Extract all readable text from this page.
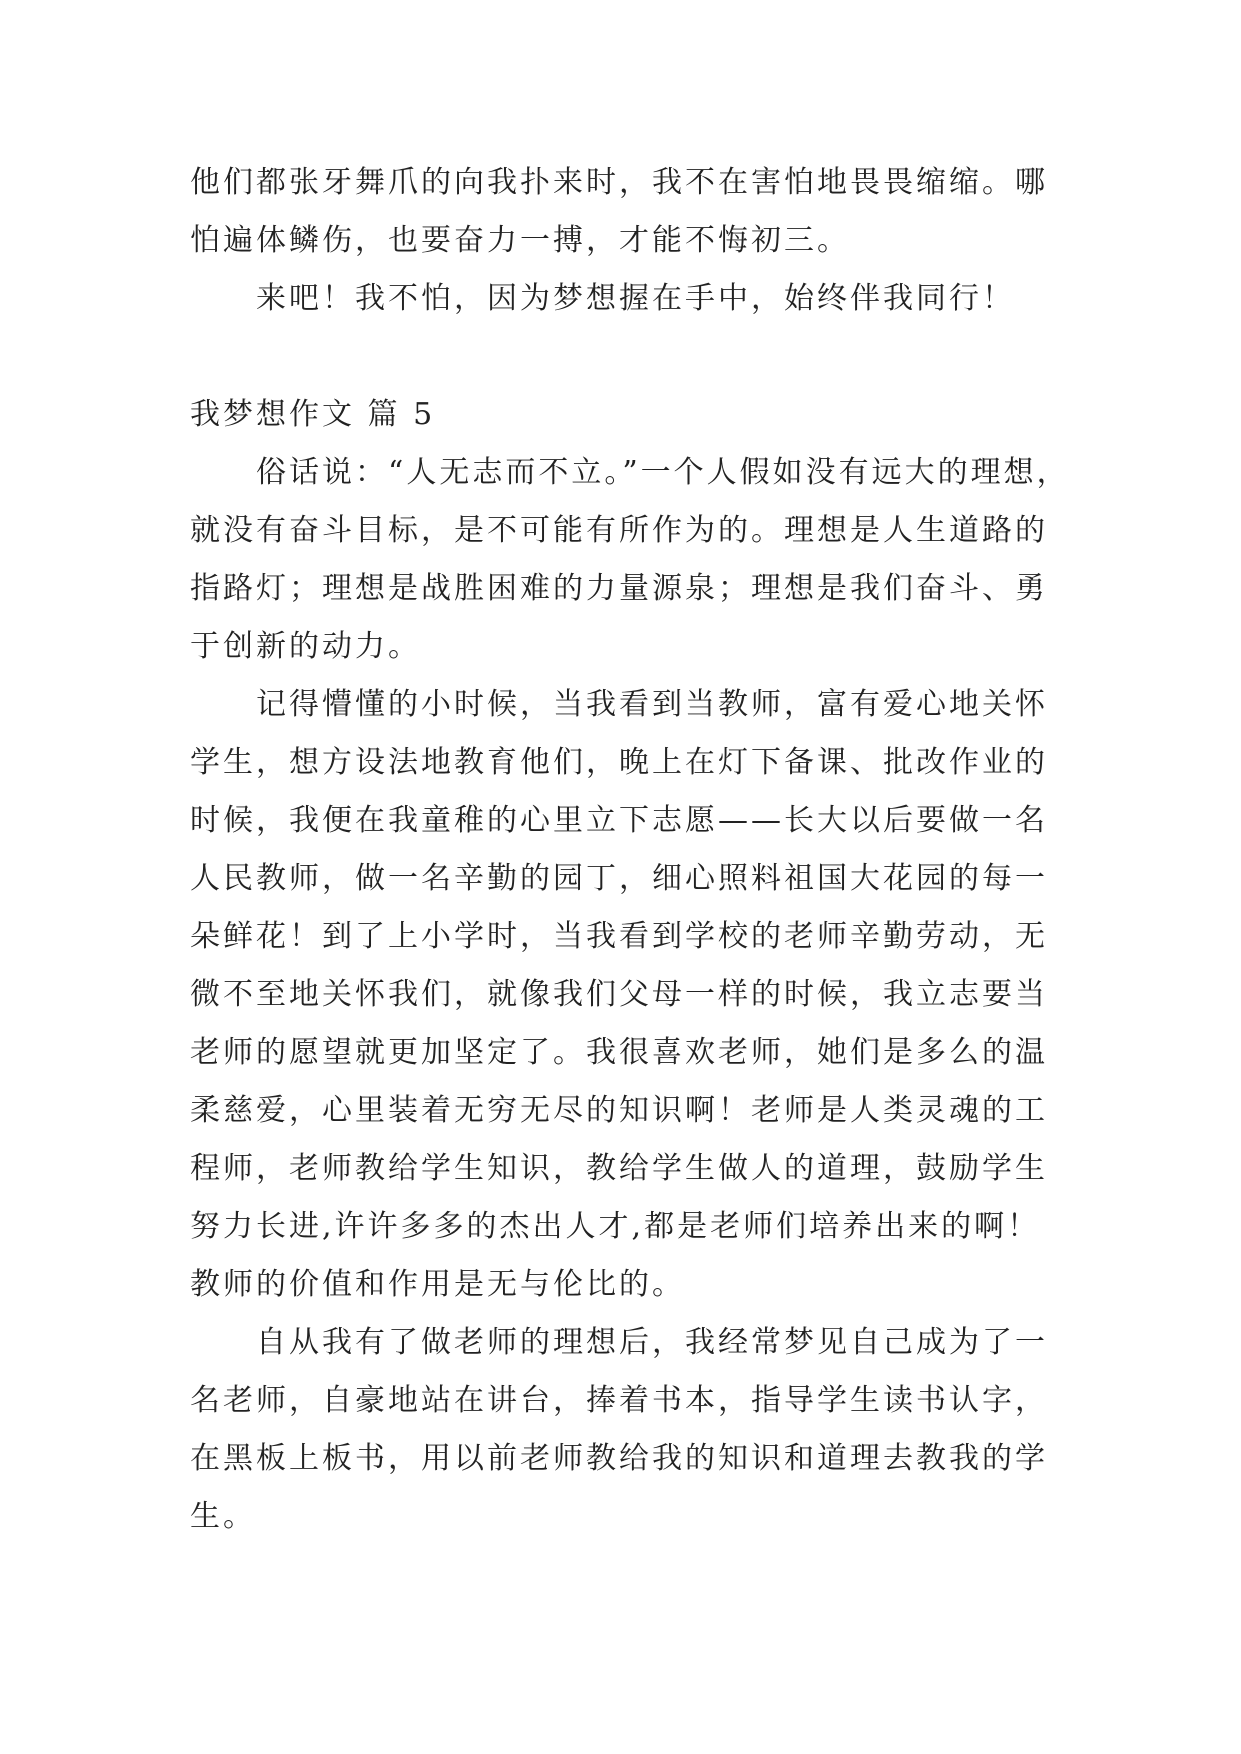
他们都张牙舞爪的向我扑来时，我不在害怕地畏畏缩缩。哪
怕遍体鳞伤，也要奋力一搏，才能不悔初三。
来吧！我不怕，因为梦想握在手中，始终伴我同行！
我梦想作文 篇 5
俗话说：“人无志而不立。”一个人假如没有远大的理想，
就没有奋斗目标，是不可能有所作为的。理想是人生道路的
指路灯；理想是战胜困难的力量源泉；理想是我们奋斗、勇
于创新的动力。
记得懵懂的小时候，当我看到当教师，富有爱心地关怀
学生，想方设法地教育他们，晚上在灯下备课、批改作业的
时候，我便在我童稚的心里立下志愿——长大以后要做一名
人民教师，做一名辛勤的园丁，细心照料祖国大花园的每一
朵鲜花！到了上小学时，当我看到学校的老师辛勤劳动，无
微不至地关怀我们，就像我们父母一样的时候，我立志要当
老师的愿望就更加坚定了。我很喜欢老师，她们是多么的温
柔慈爱，心里装着无穷无尽的知识啊！老师是人类灵魂的工
程师，老师教给学生知识，教给学生做人的道理，鼓励学生
努力长进,许许多多的杰出人才,都是老师们培养出来的啊！
教师的价值和作用是无与伦比的。
自从我有了做老师的理想后，我经常梦见自己成为了一
名老师，自豪地站在讲台，捧着书本，指导学生读书认字，
在黑板上板书，用以前老师教给我的知识和道理去教我的学
生。
